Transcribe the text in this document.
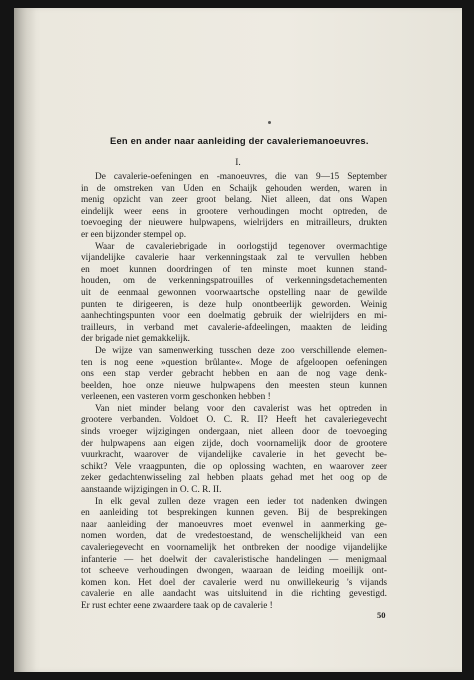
Een en ander naar aanleiding der cavaleriemanoeuvres.
I.
De cavalerie-oefeningen en -manoeuvres, die van 9—15 September
in de omstreken van Uden en Schaijk gehouden werden, waren in
menig opzicht van zeer groot belang. Niet alleen, dat ons Wapen
eindelijk weer eens in grootere verhoudingen mocht optreden, de
toevoeging der nieuwere hulpwapens, wielrijders en mitrailleurs, drukten
er een bijzonder stempel op.
Waar de cavaleriebrigade in oorlogstijd tegenover overmachtige
vijandelijke cavalerie haar verkenningstaak zal te vervullen hebben
en moet kunnen doordringen of ten minste moet kunnen stand-
houden, om de verkenningspatrouilles of verkenningsdetachementen
uit de eenmaal gewonnen voorwaartsche opstelling naar de gewilde
punten te dirigeeren, is deze hulp onontbeerlijk geworden. Weinig
aanhechtingspunten voor een doelmatig gebruik der wielrijders en mi-
trailleurs, in verband met cavalerie-afdeelingen, maakten de leiding
der brigade niet gemakkelijk.
De wijze van samenwerking tusschen deze zoo verschillende elemen-
ten is nog eene »question brûlante«. Moge de afgeloopen oefeningen
ons een stap verder gebracht hebben en aan de nog vage denk-
beelden, hoe onze nieuwe hulpwapens den meesten steun kunnen
verleenen, een vasteren vorm geschonken hebben !
Van niet minder belang voor den cavalerist was het optreden in
grootere verbanden. Voldoet O. C. R. II? Heeft het cavaleriegevecht
sinds vroeger wijzigingen ondergaan, niet alleen door de toevoeging
der hulpwapens aan eigen zijde, doch voornamelijk door de grootere
vuurkracht, waarover de vijandelijke cavalerie in het gevecht be-
schikt? Vele vraagpunten, die op oplossing wachten, en waarover zeer
zeker gedachtenwisseling zal hebben plaats gehad met het oog op de
aanstaande wijzigingen in O. C. R. II.
In elk geval zullen deze vragen een ieder tot nadenken dwingen
en aanleiding tot besprekingen kunnen geven. Bij de besprekingen
naar aanleiding der manoeuvres moet evenwel in aanmerking ge-
nomen worden, dat de vredestoestand, de wenschelijkheid van een
cavaleriegevecht en voornamelijk het ontbreken der noodige vijandelijke
infanterie — het doelwit der cavaleristische handelingen — menigmaal
tot scheeve verhoudingen dwongen, waaraan de leiding moeilijk ont-
komen kon. Het doel der cavalerie werd nu onwillekeurig 's vijands
cavalerie en alle aandacht was uitsluitend in die richting gevestigd.
Er rust echter eene zwaardere taak op de cavalerie !
50
